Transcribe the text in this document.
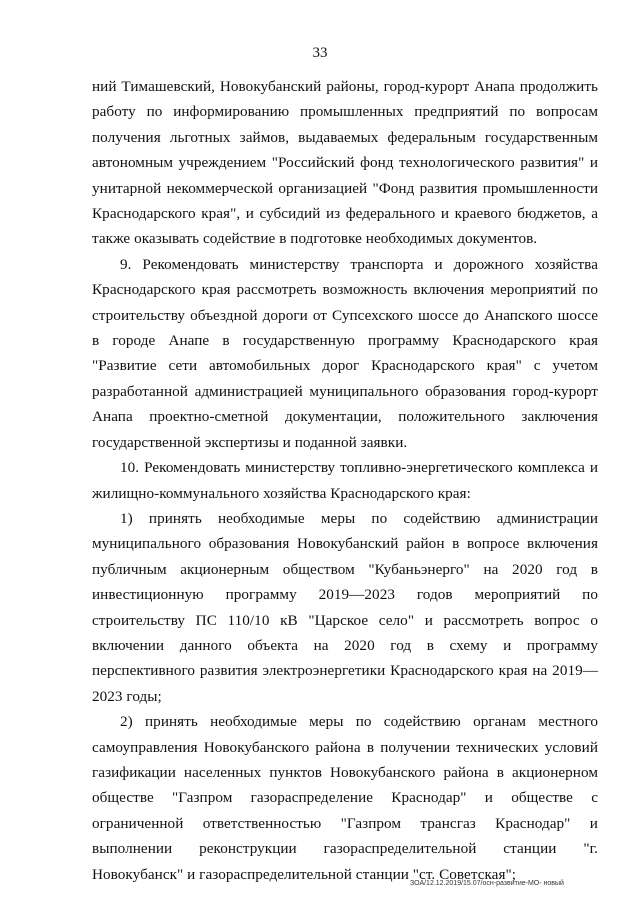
33

ний Тимашевский, Новокубанский районы, город-курорт Анапа продолжить работу по информированию промышленных предприятий по вопросам получения льготных займов, выдаваемых федеральным государственным автономным учреждением "Российский фонд технологического развития" и унитарной некоммерческой организацией "Фонд развития промышленности Краснодарского края", и субсидий из федерального и краевого бюджетов, а также оказывать содействие в подготовке необходимых документов.

9. Рекомендовать министерству транспорта и дорожного хозяйства Краснодарского края рассмотреть возможность включения мероприятий по строительству объездной дороги от Супсехского шоссе до Анапского шоссе в городе Анапе в государственную программу Краснодарского края "Развитие сети автомобильных дорог Краснодарского края" с учетом разработанной администрацией муниципального образования город-курорт Анапа проектно-сметной документации, положительного заключения государственной экспертизы и поданной заявки.

10. Рекомендовать министерству топливно-энергетического комплекса и жилищно-коммунального хозяйства Краснодарского края:

1) принять необходимые меры по содействию администрации муниципального образования Новокубанский район в вопросе включения публичным акционерным обществом "Кубаньэнерго" на 2020 год в инвестиционную программу 2019—2023 годов мероприятий по строительству ПС 110/10 кВ "Царское село" и рассмотреть вопрос о включении данного объекта на 2020 год в схему и программу перспективного развития электроэнергетики Краснодарского края на 2019—2023 годы;

2) принять необходимые меры по содействию органам местного самоуправления Новокубанского района в получении технических условий газификации населенных пунктов Новокубанского района в акционерном обществе "Газпром газораспределение Краснодар" и обществе с ограниченной ответственностью "Газпром трансгаз Краснодар" и выполнении реконструкции газораспределительной станции "г. Новокубанск" и газораспределительной станции "ст. Советская";

ЗОА/12.12.2019/15.07/осн-развитие-МО- новый
